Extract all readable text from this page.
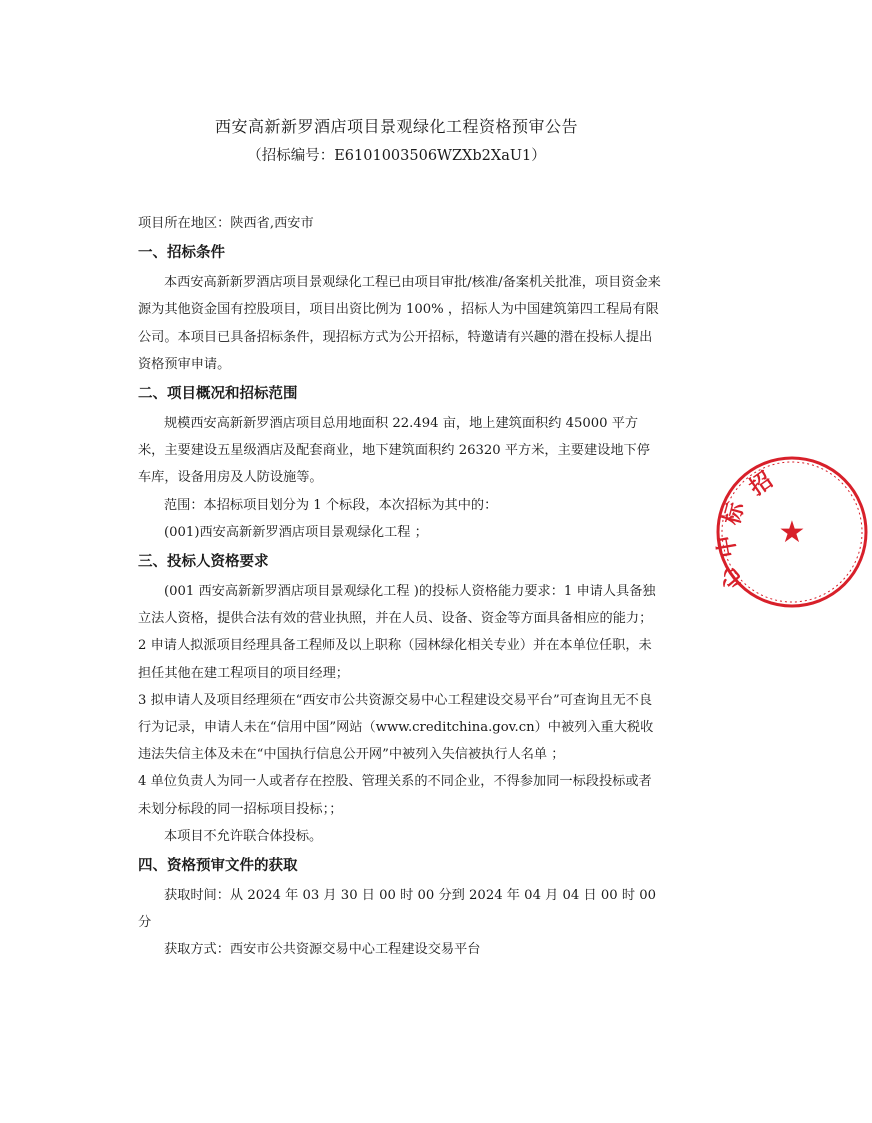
西安高新新罗酒店项目景观绿化工程资格预审公告
（招标编号：E6101003506WZXb2XaU1）

项目所在地区：陕西省,西安市

一、招标条件

本西安高新新罗酒店项目景观绿化工程已由项目审批/核准/备案机关批准，项目资金来源为其他资金国有控股项目，项目出资比例为 100% ，招标人为中国建筑第四工程局有限公司。本项目已具备招标条件，现招标方式为公开招标，特邀请有兴趣的潜在投标人提出资格预审申请。

二、项目概况和招标范围

规模西安高新新罗酒店项目总用地面积 22.494 亩，地上建筑面积约 45000 平方米，主要建设五星级酒店及配套商业，地下建筑面积约 26320 平方米，主要建设地下停车库，设备用房及人防设施等。

范围：本招标项目划分为 1 个标段，本次招标为其中的：

(001)西安高新新罗酒店项目景观绿化工程 ；

三、投标人资格要求

(001 西安高新新罗酒店项目景观绿化工程 )的投标人资格能力要求：1 申请人具备独立法人资格，提供合法有效的营业执照，并在人员、设备、资金等方面具备相应的能力；

2 申请人拟派项目经理具备工程师及以上职称（园林绿化相关专业）并在本单位任职，未担任其他在建工程项目的项目经理；

3 拟申请人及项目经理须在“西安市公共资源交易中心工程建设交易平台”可查询且无不良行为记录，申请人未在“信用中国”网站（www.creditchina.gov.cn）中被列入重大税收违法失信主体及未在“中国执行信息公开网”中被列入失信被执行人名单 ；

4 单位负责人为同一人或者存在控股、管理关系的不同企业，不得参加同一标段投标或者未划分标段的同一招标项目投标；；

本项目不允许联合体投标。

四、资格预审文件的获取

获取时间：从 2024 年 03 月 30 日 00 时 00 分到 2024 年 04 月 04 日 00 时 00 分

获取方式：西安市公共资源交易中心工程建设交易平台

招
标
中
心
★
